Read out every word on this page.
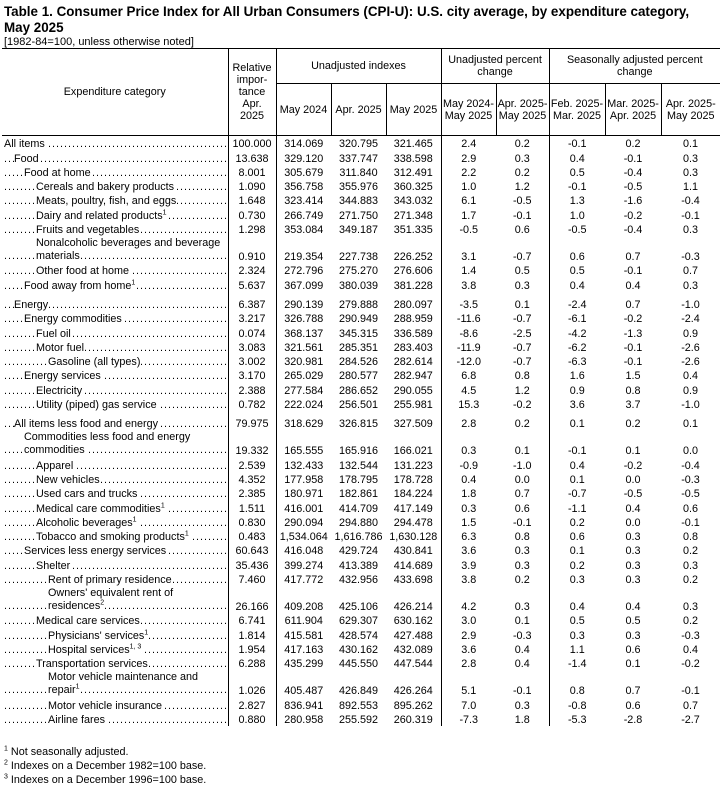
Table 1. Consumer Price Index for All Urban Consumers (CPI-U): U.S. city average, by expenditure category, May 2025
[1982-84=100, unless otherwise noted]
Expenditure category	Relative impor- tance Apr. 2025	Unadjusted indexes			Unadjusted percent change		Seasonally adjusted percent change		
		May 2024	Apr. 2025	May 2025	May 2024- May 2025	Apr. 2025- May 2025	Feb. 2025- Mar. 2025	Mar. 2025- Apr. 2025	Apr. 2025- May 2025
All items .....	100.000	314.069	320.795	321.465	2.4	0.2	-0.1	0.2	0.1
Food .....	13.638	329.120	337.747	338.598	2.9	0.3	0.4	-0.1	0.3
Food at home .....	8.001	305.679	311.840	312.491	2.2	0.2	0.5	-0.4	0.3
Cereals and bakery products .....	1.090	356.758	355.976	360.325	1.0	1.2	-0.1	-0.5	1.1
Meats, poultry, fish, and eggs .....	1.648	323.414	344.883	343.032	6.1	-0.5	1.3	-1.6	-0.4
Dairy and related products$^1$ .....	0.730	266.749	271.750	271.348	1.7	-0.1	1.0	-0.2	-0.1
Fruits and vegetables .....	1.298	353.084	349.187	351.335	-0.5	0.6	-0.5	-0.4	0.3
Nonalcoholic beverages and beverage materials .....	0.910	219.354	227.738	226.252	3.1	-0.7	0.6	0.7	-0.3
Other food at home .....	2.324	272.796	275.270	276.606	1.4	0.5	0.5	-0.1	0.7
Food away from home$^1$ .....	5.637	367.099	380.039	381.228	3.8	0.3	0.4	0.4	0.3
Energy .....	6.387	290.139	279.888	280.097	-3.5	0.1	-2.4	0.7	-1.0
Energy commodities .....	3.217	326.788	290.949	288.959	-11.6	-0.7	-6.1	-0.2	-2.4
Fuel oil .....	0.074	368.137	345.315	336.589	-8.6	-2.5	-4.2	-1.3	0.9
Motor fuel .....	3.083	321.561	285.351	283.403	-11.9	-0.7	-6.2	-0.1	-2.6
Gasoline (all types) .....	3.002	320.981	284.526	282.614	-12.0	-0.7	-6.3	-0.1	-2.6
Energy services .....	3.170	265.029	280.577	282.947	6.8	0.8	1.6	1.5	0.4
Electricity .....	2.388	277.584	286.652	290.055	4.5	1.2	0.9	0.8	0.9
Utility (piped) gas service .....	0.782	222.024	256.501	255.981	15.3	-0.2	3.6	3.7	-1.0
All items less food and energy .....	79.975	318.629	326.815	327.509	2.8	0.2	0.1	0.2	0.1
Commodities less food and energy commodities .....	19.332	165.555	165.916	166.021	0.3	0.1	-0.1	0.1	0.0
Apparel .....	2.539	132.433	132.544	131.223	-0.9	-1.0	0.4	-0.2	-0.4
New vehicles .....	4.352	177.958	178.795	178.728	0.4	0.0	0.1	0.0	-0.3
Used cars and trucks .....	2.385	180.971	182.861	184.224	1.8	0.7	-0.7	-0.5	-0.5
Medical care commodities$^1$ .....	1.511	416.001	414.709	417.149	0.3	0.6	-1.1	0.4	0.6
Alcoholic beverages$^1$ .....	0.830	290.094	294.880	294.478	1.5	-0.1	0.2	0.0	-0.1
Tobacco and smoking products$^1$ .....	0.483	1,534.064	1,616.786	1,630.128	6.3	0.8	0.6	0.3	0.8
Services less energy services .....	60.643	416.048	429.724	430.841	3.6	0.3	0.1	0.3	0.2
Shelter .....	35.436	399.274	413.389	414.689	3.9	0.3	0.2	0.3	0.3
Rent of primary residence .....	7.460	417.772	432.956	433.698	3.8	0.2	0.3	0.3	0.2
Owners' equivalent rent of residences$^2$ .....	26.166	409.208	425.106	426.214	4.2	0.3	0.4	0.4	0.3
Medical care services .....	6.741	611.904	629.307	630.162	3.0	0.1	0.5	0.5	0.2
Physicians' services$^1$ .....	1.814	415.581	428.574	427.488	2.9	-0.3	0.3	0.3	-0.3
Hospital services$^{1, 3}$ .....	1.954	417.163	430.162	432.089	3.6	0.4	1.1	0.6	0.4
Transportation services .....	6.288	435.299	445.550	447.544	2.8	0.4	-1.4	0.1	-0.2
Motor vehicle maintenance and repair$^1$ .....	1.026	405.487	426.849	426.264	5.1	-0.1	0.8	0.7	-0.1
Motor vehicle insurance .....	2.827	836.941	892.553	895.262	7.0	0.3	-0.8	0.6	0.7
Airline fares .....	0.880	280.958	255.592	260.319	-7.3	1.8	-5.3	-2.8	-2.7
$^1$ Not seasonally adjusted.
$^2$ Indexes on a December 1982=100 base.
$^3$ Indexes on a December 1996=100 base.
